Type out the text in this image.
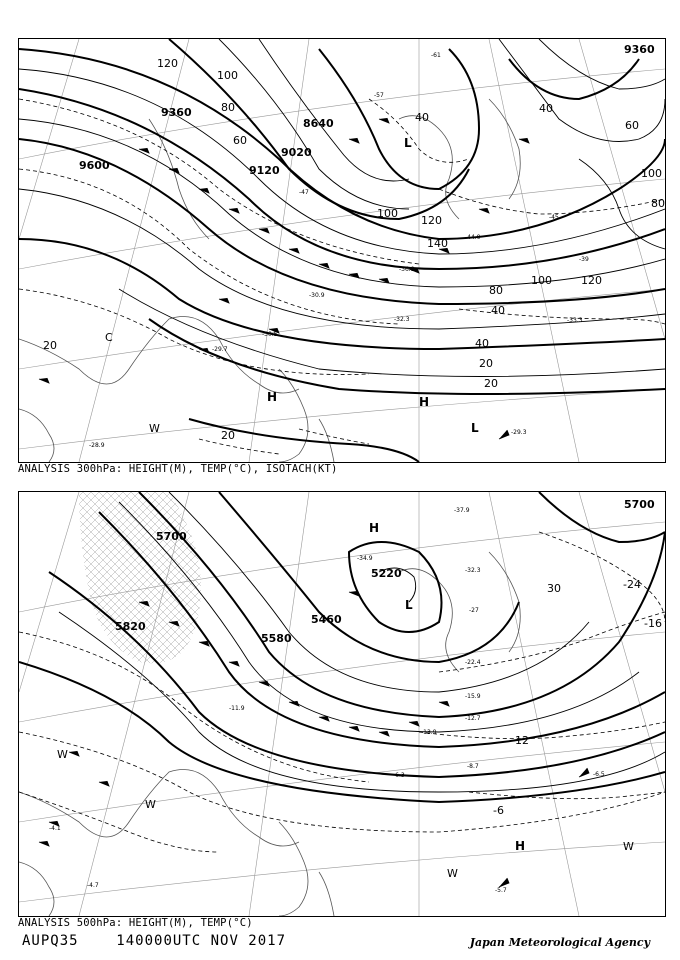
9360
8640
9360
9600	9120
9020
120
100
80
60
40
20
100
120
140
80
40
60
100
80
120
100
20
40
20
20
40
L
H	H
L
C
W
-57
-61
-47
-45
-39
-29.3
-33.3
-32.3
-30.9
-36.9
-44.9
-29.7
-30.5
-28.9
ANALYSIS 300hPa: HEIGHT(M), TEMP(°C), ISOTACH(KT)
5700
5700
5820
5580
5220
5460
-24
-16
30
-12
-6
H
L
H
W
W
W
W
-37.9
-34.9
-32.3
-27
-22.4
-15.9
-12.7
-8.7
-6.5
-6.3
-5.7
-4.7
-4.1
-11.9
-13.9
ANALYSIS 500hPa: HEIGHT(M), TEMP(°C)
AUPQ35	140000UTC NOV 2017	Japan Meteorological Agency
